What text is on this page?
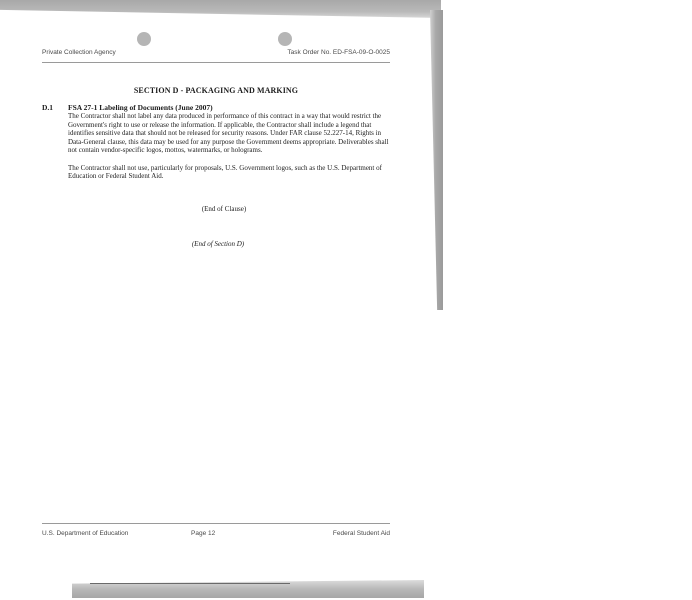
Private Collection Agency	Task Order No. ED-FSA-09-O-0025
SECTION D - PACKAGING AND MARKING
D.1 FSA 27-1 Labeling of Documents (June 2007)

The Contractor shall not label any data produced in performance of this contract in a way that would restrict the Government's right to use or release the information. If applicable, the Contractor shall include a legend that identifies sensitive data that should not be released for security reasons. Under FAR clause 52.227-14, Rights in Data-General clause, this data may be used for any purpose the Government deems appropriate. Deliverables shall not contain vendor-specific logos, mottos, watermarks, or holograms.

The Contractor shall not use, particularly for proposals, U.S. Government logos, such as the U.S. Department of Education or Federal Student Aid.

(End of Clause)
(End of Section D)
U.S. Department of Education	Page 12	Federal Student Aid
